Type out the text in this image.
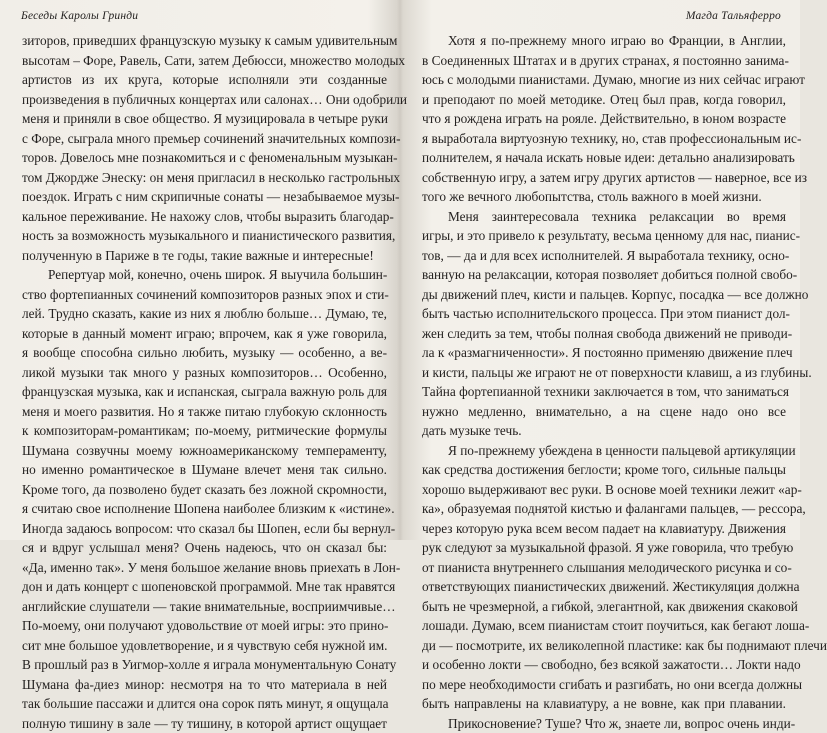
Беседы Каролы Гринди
зиторов, приведших французскую музыку к самым удивительным
высотам – Форе, Равель, Сати, затем Дебюсси, множество молодых
артистов из их круга, которые исполняли эти созданные
произведения в публичных концертах или салонах… Они одобрили
меня и приняли в свое общество. Я музицировала в четыре руки
с Форе, сыграла много премьер сочинений значительных компози-
торов. Довелось мне познакомиться и с феноменальным музыкан-
том Джордже Энеску: он меня пригласил в несколько гастрольных
поездок. Играть с ним скрипичные сонаты — незабываемое музы-
кальное переживание. Не нахожу слов, чтобы выразить благодар-
ность за возможность музыкального и пианистического развития,
полученную в Париже в те годы, такие важные и интересные!
Репертуар мой, конечно, очень широк. Я выучила большин-
ство фортепианных сочинений композиторов разных эпох и сти-
лей. Трудно сказать, какие из них я люблю больше… Думаю, те,
которые в данный момент играю; впрочем, как я уже говорила,
я вообще способна сильно любить, музыку — особенно, а ве-
ликой музыки так много у разных композиторов… Особенно,
французская музыка, как и испанская, сыграла важную роль для
меня и моего развития. Но я также питаю глубокую склонность
к композиторам-романтикам; по-моему, ритмические формулы
Шумана созвучны моему южноамериканскому темпераменту,
но именно романтическое в Шумане влечет меня так сильно.
Кроме того, да позволено будет сказать без ложной скромности,
я считаю свое исполнение Шопена наиболее близким к «истине».
Иногда задаюсь вопросом: что сказал бы Шопен, если бы вернул-
ся и вдруг услышал меня? Очень надеюсь, что он сказал бы:
«Да, именно так». У меня большое желание вновь приехать в Лон-
дон и дать концерт с шопеновской программой. Мне так нравятся
английские слушатели — такие внимательные, восприимчивые…
По-моему, они получают удовольствие от моей игры: это прино-
сит мне большое удовлетворение, и я чувствую себя нужной им.
В прошлый раз в Уигмор-холле я играла монументальную Сонату
Шумана фа-диез минор: несмотря на то что материала в ней
так большие пассажи и длится она сорок пять минут, я ощущала
полную тишину в зале — ту тишину, в которой артист ощущает
Магда Тальяферро
Хотя я по-прежнему много играю во Франции, в Англии,
в Соединенных Штатах и в других странах, я постоянно занима-
юсь с молодыми пианистами. Думаю, многие из них сейчас играют
и преподают по моей методике. Отец был прав, когда говорил,
что я рождена играть на рояле. Действительно, в юном возрасте
я выработала виртуозную технику, но, став профессиональным ис-
полнителем, я начала искать новые идеи: детально анализировать
собственную игру, а затем игру других артистов — наверное, все из
того же вечного любопытства, столь важного в моей жизни.
Меня заинтересовала техника релаксации во время
игры, и это привело к результату, весьма ценному для нас, пианис-
тов, — да и для всех исполнителей. Я выработала технику, осно-
ванную на релаксации, которая позволяет добиться полной свобо-
ды движений плеч, кисти и пальцев. Корпус, посадка — все должно
быть частью исполнительского процесса. При этом пианист дол-
жен следить за тем, чтобы полная свобода движений не приводи-
ла к «размагниченности». Я постоянно применяю движение плеч
и кисти, пальцы же играют не от поверхности клавиш, а из глубины.
Тайна фортепианной техники заключается в том, что заниматься
нужно медленно, внимательно, а на сцене надо оно все
дать музыке течь.
Я по-прежнему убеждена в ценности пальцевой артикуляции
как средства достижения беглости; кроме того, сильные пальцы
хорошо выдерживают вес руки. В основе моей техники лежит «ар-
ка», образуемая поднятой кистью и фалангами пальцев, — рессора,
через которую рука всем весом падает на клавиатуру. Движения
рук следуют за музыкальной фразой. Я уже говорила, что требую
от пианиста внутреннего слышания мелодического рисунка и со-
ответствующих пианистических движений. Жестикуляция должна
быть не чрезмерной, а гибкой, элегантной, как движения скаковой
лошади. Думаю, всем пианистам стоит поучиться, как бегают лоша-
ди — посмотрите, их великолепной пластике: как бы поднимают плечи
и особенно локти — свободно, без всякой зажатости… Локти надо
по мере необходимости сгибать и разгибать, но они всегда должны
быть направлены на клавиатуру, а не вовне, как при плавании.
Прикосновение? Туше? Что ж, знаете ли, вопрос очень инди-
